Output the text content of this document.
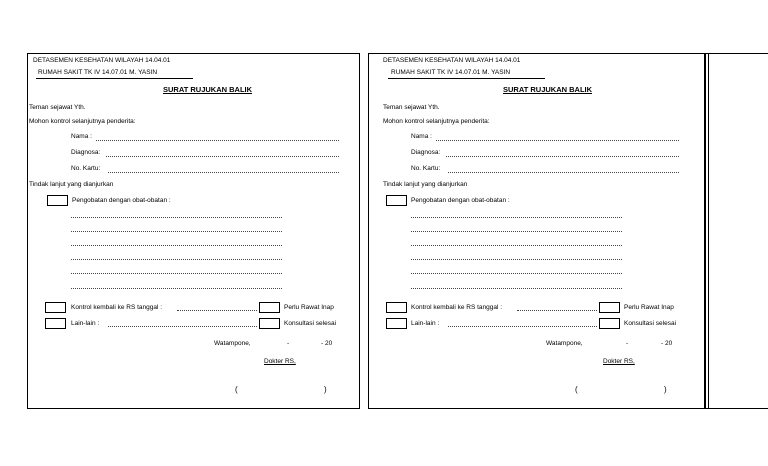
DETASEMEN KESEHATAN WILAYAH 14.04.01
RUMAH SAKIT TK IV 14.07.01 M. YASIN
SURAT RUJUKAN BALIK
Teman sejawat Yth.
Mohon kontrol selanjutnya penderita:
Nama :
Diagnosa:
No. Kartu:
Tindak lanjut yang dianjurkan
Pengobatan dengan obat-obatan :
Kontrol kembali ke RS tanggal :	Perlu Rawat Inap
Lain-lain :	Konsultasi selesai
Watampone,	-	- 20
Dokter RS,
(	)
DETASEMEN KESEHATAN WILAYAH 14.04.01
RUMAH SAKIT TK IV 14.07.01 M. YASIN
SURAT RUJUKAN BALIK
Teman sejawat Yth.
Mohon kontrol selanjutnya penderita:
Nama :
Diagnosa:
No. Kartu:
Tindak lanjut yang dianjurkan
Pengobatan dengan obat-obatan :
Kontrol kembali ke RS tanggal :	Perlu Rawat Inap
Lain-lain :	Konsultasi selesai
Watampone,	-	- 20
Dokter RS,
(	)
